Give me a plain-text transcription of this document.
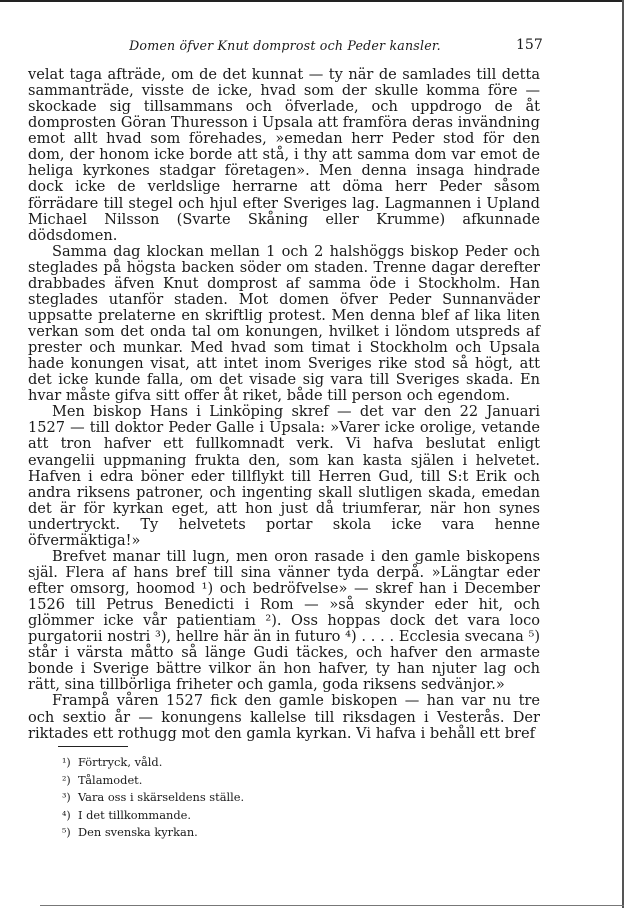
Domen öfver Knut domprost och Peder kansler.	157

velat taga afträde, om de det kunnat — ty när de samlades till detta sammanträde, visste de icke, hvad som der skulle komma före — skockade sig tillsammans och öfverlade, och uppdrogo de åt domprosten Göran Thuresson i Upsala att framföra deras invändning emot allt hvad som förehades, »emedan herr Peder stod för den dom, der honom icke borde att stå, i thy att samma dom var emot de heliga kyrkones stadgar företagen». Men denna insaga hindrade dock icke de verldslige herrarne att döma herr Peder såsom förrädare till stegel och hjul efter Sveriges lag. Lagmannen i Upland Michael Nilsson (Svarte Skåning eller Krumme) afkunnade dödsdomen.

Samma dag klockan mellan 1 och 2 halshöggs biskop Peder och steglades på högsta backen söder om staden. Trenne dagar derefter drabbades äfven Knut domprost af samma öde i Stockholm. Han steglades utanför staden. Mot domen öfver Peder Sunnanväder uppsatte prelaterne en skriftlig protest. Men denna blef af lika liten verkan som det onda tal om konungen, hvilket i löndom utspreds af prester och munkar. Med hvad som timat i Stockholm och Upsala hade konungen visat, att intet inom Sveriges rike stod så högt, att det icke kunde falla, om det visade sig vara till Sveriges skada. En hvar måste gifva sitt offer åt riket, både till person och egendom.

Men biskop Hans i Linköping skref — det var den 22 Januari 1527 — till doktor Peder Galle i Upsala: »Varer icke orolige, vetande att tron hafver ett fullkomnadt verk. Vi hafva beslutat enligt evangelii uppmaning frukta den, som kan kasta själen i helvetet. Hafven i edra böner eder tillflykt till Herren Gud, till S:t Erik och andra riksens patroner, och ingenting skall slutligen skada, emedan det är för kyrkan eget, att hon just då triumferar, när hon synes undertryckt. Ty helvetets portar skola icke vara henne öfvermäktiga!»

Brefvet manar till lugn, men oron rasade i den gamle biskopens själ. Flera af hans bref till sina vänner tyda derpå. »Längtar eder efter omsorg, hoomod ¹) och bedröfvelse» — skref han i December 1526 till Petrus Benedicti i Rom — »så skynder eder hit, och glömmer icke vår patientiam ²). Oss hoppas dock det vara loco purgatorii nostri ³), hellre här än in futuro ⁴) . . . . Ecclesia svecana ⁵) står i värsta måtto så länge Gudi täckes, och hafver den armaste bonde i Sverige bättre vilkor än hon hafver, ty han njuter lag och rätt, sina tillbörliga friheter och gamla, goda riksens sedvänjor.»

Frampå våren 1527 fick den gamle biskopen — han var nu tre och sextio år — konungens kallelse till riksdagen i Vesterås. Der riktades ett rothugg mot den gamla kyrkan. Vi hafva i behåll ett bref

¹) Förtryck, våld.
²) Tålamodet.
³) Vara oss i skärseldens ställe.
⁴) I det tillkommande.
⁵) Den svenska kyrkan.
